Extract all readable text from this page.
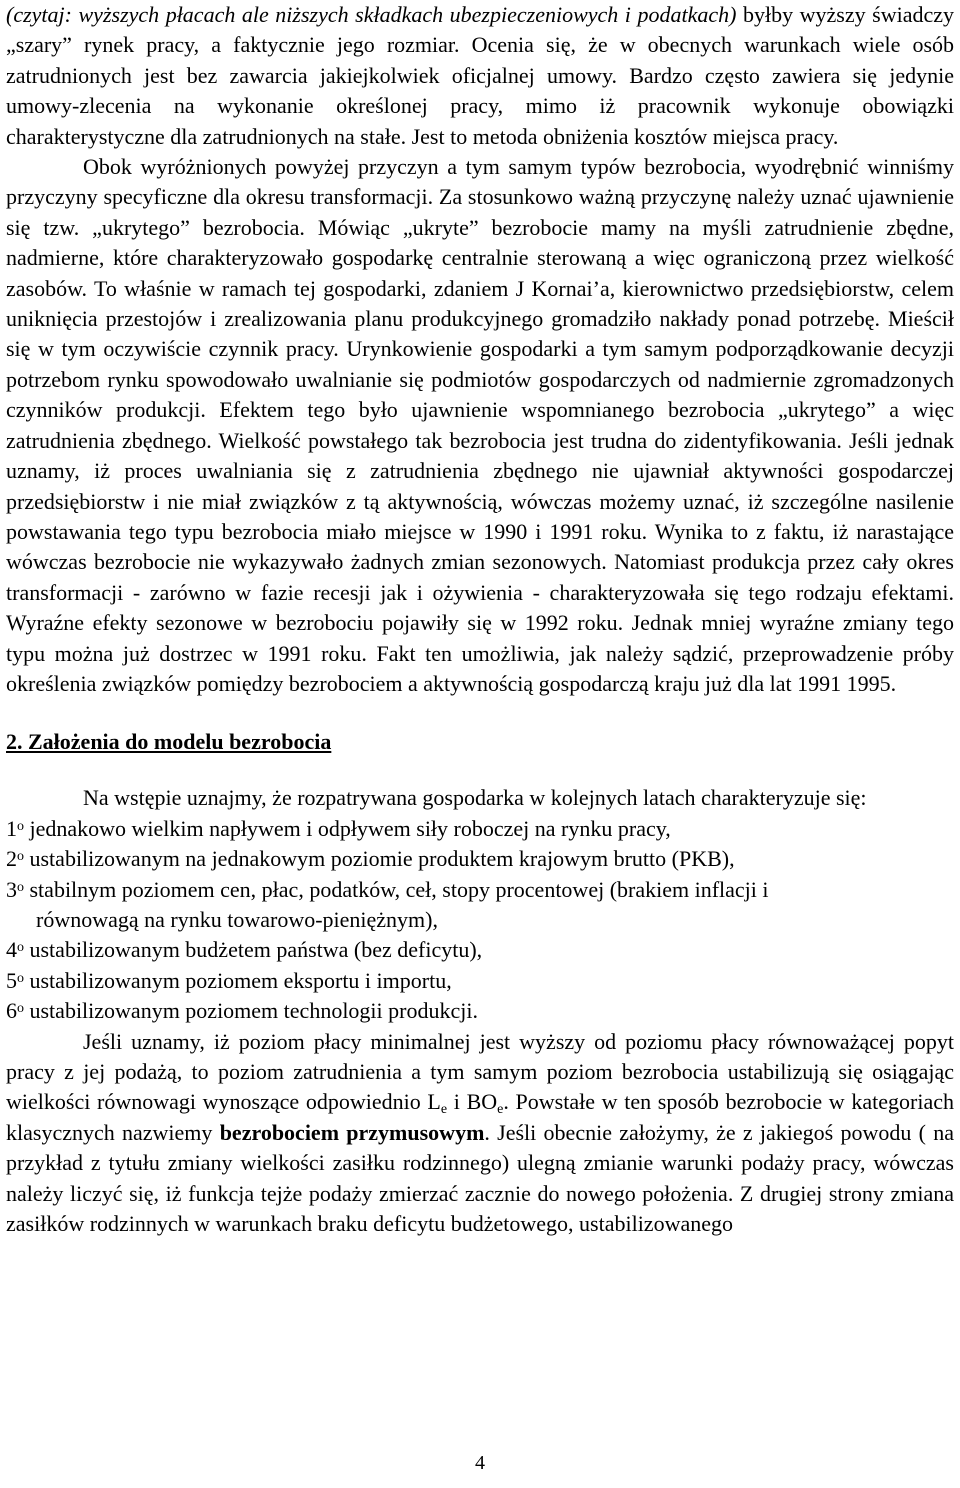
(czytaj: wyższych płacach ale niższych składkach ubezpieczeniowych i podatkach) byłby wyższy świadczy „szary” rynek pracy, a faktycznie jego rozmiar. Ocenia się, że w obecnych warunkach wiele osób zatrudnionych jest bez zawarcia jakiejkolwiek oficjalnej umowy. Bardzo często zawiera się jedynie umowy-zlecenia na wykonanie określonej pracy, mimo iż pracownik wykonuje obowiązki charakterystyczne dla zatrudnionych na stałe. Jest to metoda obniżenia kosztów miejsca pracy.

Obok wyróżnionych powyżej przyczyn a tym samym typów bezrobocia, wyodrębnić winniśmy przyczyny specyficzne dla okresu transformacji. Za stosunkowo ważną przyczynę należy uznać ujawnienie się tzw. „ukrytego” bezrobocia. Mówiąc „ukryte” bezrobocie mamy na myśli zatrudnienie zbędne, nadmierne, które charakteryzowało gospodarkę centralnie sterowaną a więc ograniczoną przez wielkość zasobów. To właśnie w ramach tej gospodarki, zdaniem J Kornai’a, kierownictwo przedsiębiorstw, celem uniknięcia przestojów i zrealizowania planu produkcyjnego gromadziło nakłady ponad potrzebę. Mieścił się w tym oczywiście czynnik pracy. Urynkowienie gospodarki a tym samym podporządkowanie decyzji potrzebom rynku spowodowało uwalnianie się podmiotów gospodarczych od nadmiernie zgromadzonych czynników produkcji. Efektem tego było ujawnienie wspomnianego bezrobocia „ukrytego” a więc zatrudnienia zbędnego. Wielkość powstałego tak bezrobocia jest trudna do zidentyfikowania. Jeśli jednak uznamy, iż proces uwalniania się z zatrudnienia zbędnego nie ujawniał aktywności gospodarczej przedsiębiorstw i nie miał związków z tą aktywnością, wówczas możemy uznać, iż szczególne nasilenie powstawania tego typu bezrobocia miało miejsce w 1990 i 1991 roku. Wynika to z faktu, iż narastające wówczas bezrobocie nie wykazywało żadnych zmian sezonowych. Natomiast produkcja przez cały okres transformacji - zarówno w fazie recesji jak i ożywienia - charakteryzowała się tego rodzaju efektami. Wyraźne efekty sezonowe w bezrobociu pojawiły się w 1992 roku. Jednak mniej wyraźne zmiany tego typu można już dostrzec w 1991 roku. Fakt ten umożliwia, jak należy sądzić, przeprowadzenie próby określenia związków pomiędzy bezrobociem a aktywnością gospodarczą kraju już dla lat 1991 1995.

2. Założenia do modelu bezrobocia

Na wstępie uznajmy, że rozpatrywana gospodarka w kolejnych latach charakteryzuje się:

1$^o$ jednakowo wielkim napływem i odpływem siły roboczej na rynku pracy,
2$^o$ ustabilizowanym na jednakowym poziomie produktem krajowym brutto (PKB),
3$^o$ stabilnym poziomem cen, płac, podatków, ceł, stopy procentowej (brakiem inflacji i
równowagą na rynku towarowo-pieniężnym),
4$^o$ ustabilizowanym budżetem państwa (bez deficytu),
5$^o$ ustabilizowanym poziomem eksportu i importu,
6$^o$ ustabilizowanym poziomem technologii produkcji.

Jeśli uznamy, iż poziom płacy minimalnej jest wyższy od poziomu płacy równoważącej popyt pracy z jej podażą, to poziom zatrudnienia a tym samym poziom bezrobocia ustabilizują się osiągając wielkości równowagi wynoszące odpowiednio $L_e$ i $BO_e$. Powstałe w ten sposób bezrobocie w kategoriach klasycznych nazwiemy bezrobociem przymusowym. Jeśli obecnie założymy, że z jakiegoś powodu ( na przykład z tytułu zmiany wielkości zasiłku rodzinnego) ulegną zmianie warunki podaży pracy, wówczas należy liczyć się, iż funkcja tejże podaży zmierzać zacznie do nowego położenia. Z drugiej strony zmiana zasiłków rodzinnych w warunkach braku deficytu budżetowego, ustabilizowanego

4
